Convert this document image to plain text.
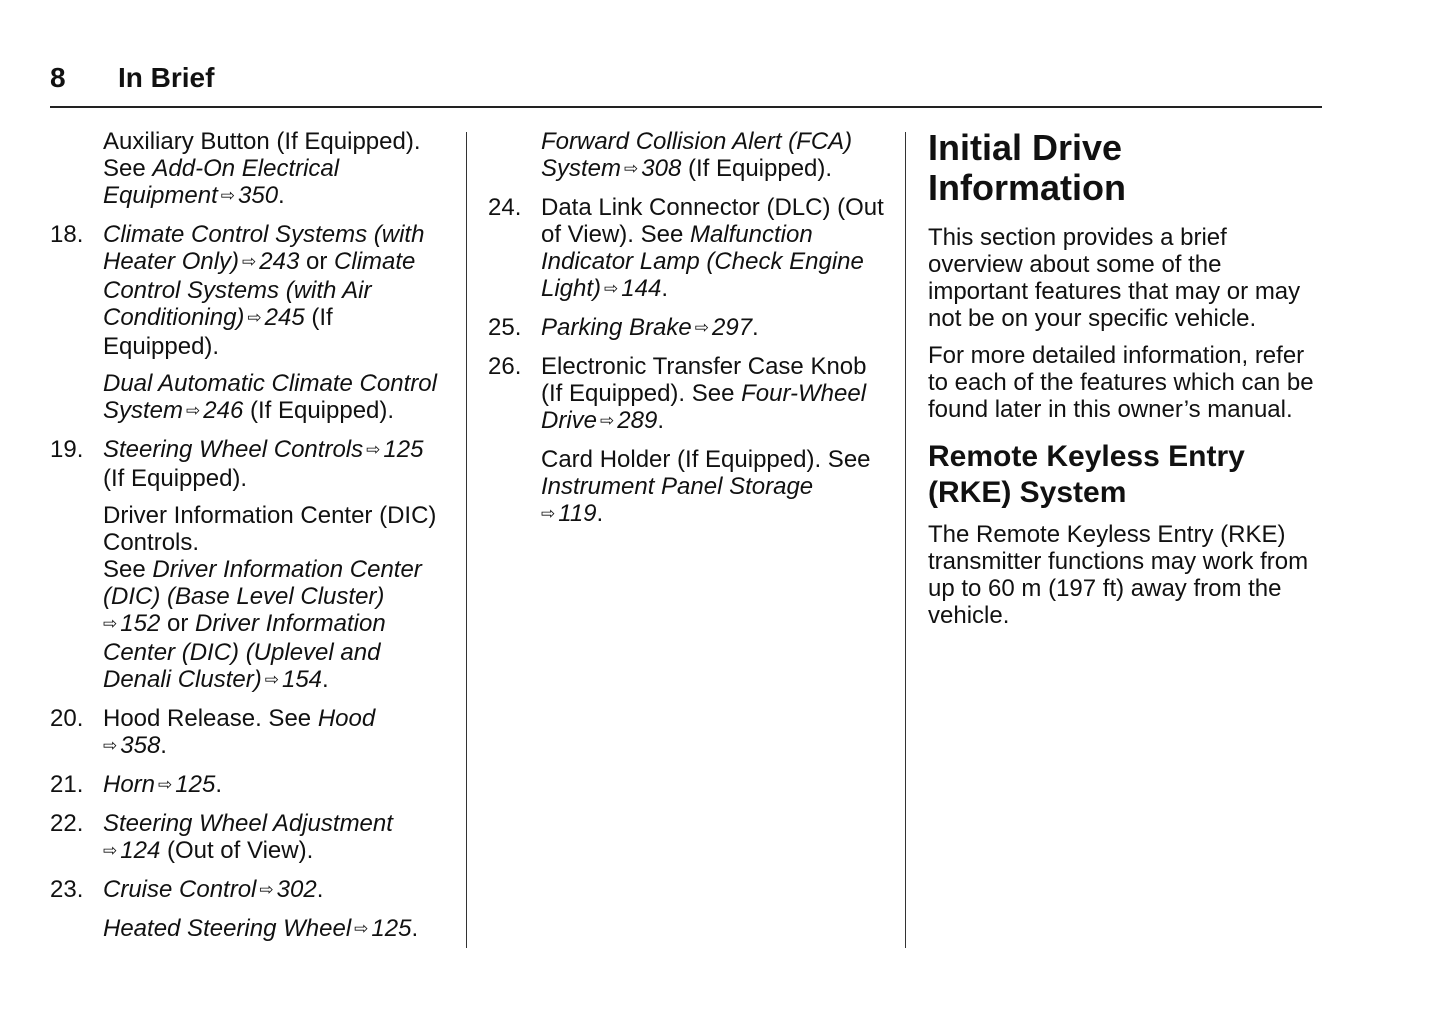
8 In Brief
Auxiliary Button (If Equipped).
See Add-On Electrical Equipment ⇨ 350.
18. Climate Control Systems (with Heater Only) ⇨ 243 or Climate Control Systems (with Air Conditioning) ⇨ 245 (If Equipped).
Dual Automatic Climate Control System ⇨ 246 (If Equipped).
19. Steering Wheel Controls ⇨ 125
(If Equipped).
Driver Information Center (DIC) Controls.
See Driver Information Center (DIC) (Base Level Cluster)
⇨ 152 or Driver Information Center (DIC) (Uplevel and Denali Cluster) ⇨ 154.
20. Hood Release. See Hood
⇨ 358.
21. Horn ⇨ 125.
22. Steering Wheel Adjustment
⇨ 124 (Out of View).
23. Cruise Control ⇨ 302.
Heated Steering Wheel ⇨ 125.
Forward Collision Alert (FCA) System ⇨ 308 (If Equipped).
24. Data Link Connector (DLC) (Out of View). See Malfunction Indicator Lamp (Check Engine Light) ⇨ 144.
25. Parking Brake ⇨ 297.
26. Electronic Transfer Case Knob (If Equipped). See Four-Wheel Drive ⇨ 289.
Card Holder (If Equipped). See Instrument Panel Storage
⇨ 119.
Initial Drive Information

This section provides a brief overview about some of the important features that may or may not be on your specific vehicle.

For more detailed information, refer to each of the features which can be found later in this owner’s manual.

Remote Keyless Entry (RKE) System

The Remote Keyless Entry (RKE) transmitter functions may work from up to 60 m (197 ft) away from the vehicle.
